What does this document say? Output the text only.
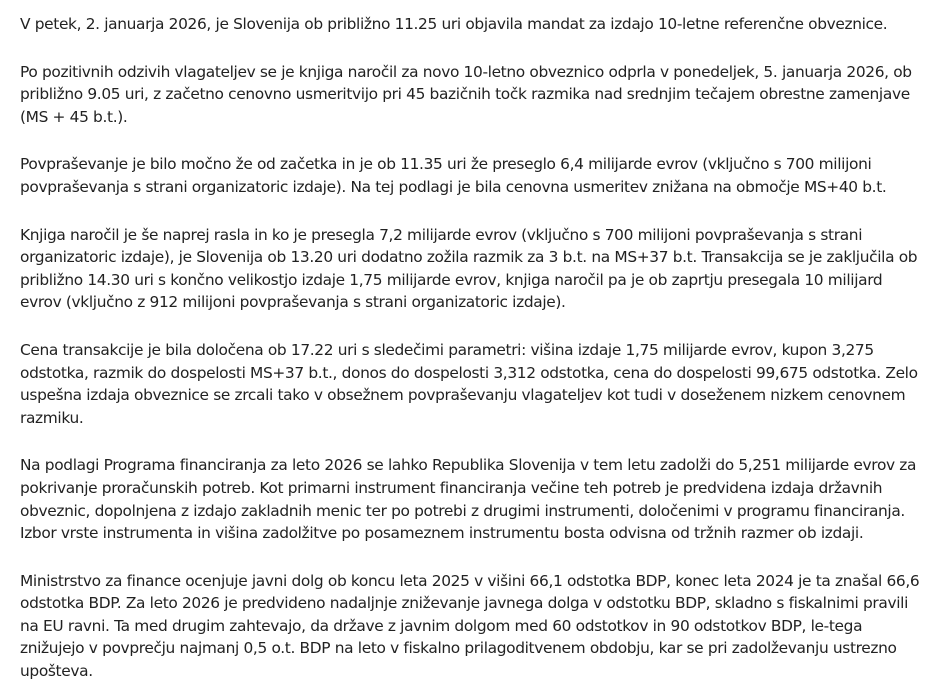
V petek, 2. januarja 2026, je Slovenija ob približno 11.25 uri objavila mandat za izdajo 10-letne referenčne obveznice.

Po pozitivnih odzivih vlagateljev se je knjiga naročil za novo 10-letno obveznico odprla v ponedeljek, 5. januarja 2026, ob približno 9.05 uri, z začetno cenovno usmeritvijo pri 45 bazičnih točk razmika nad srednjim tečajem obrestne zamenjave (MS + 45 b.t.).

Povpraševanje je bilo močno že od začetka in je ob 11.35 uri že preseglo 6,4 milijarde evrov (vključno s 700 milijoni povpraševanja s strani organizatoric izdaje). Na tej podlagi je bila cenovna usmeritev znižana na območje MS+40 b.t.

Knjiga naročil je še naprej rasla in ko je presegla 7,2 milijarde evrov (vključno s 700 milijoni povpraševanja s strani organizatoric izdaje), je Slovenija ob 13.20 uri dodatno zožila razmik za 3 b.t. na MS+37 b.t. Transakcija se je zaključila ob približno 14.30 uri s končno velikostjo izdaje 1,75 milijarde evrov, knjiga naročil pa je ob zaprtju presegala 10 milijard evrov (vključno z 912 milijoni povpraševanja s strani organizatoric izdaje).

Cena transakcije je bila določena ob 17.22 uri s sledečimi parametri: višina izdaje 1,75 milijarde evrov, kupon 3,275 odstotka, razmik do dospelosti MS+37 b.t., donos do dospelosti 3,312 odstotka, cena do dospelosti 99,675 odstotka. Zelo uspešna izdaja obveznice se zrcali tako v obsežnem povpraševanju vlagateljev kot tudi v doseženem nizkem cenovnem razmiku.

Na podlagi Programa financiranja za leto 2026 se lahko Republika Slovenija v tem letu zadolži do 5,251 milijarde evrov za pokrivanje proračunskih potreb. Kot primarni instrument financiranja večine teh potreb je predvidena izdaja državnih obveznic, dopolnjena z izdajo zakladnih menic ter po potrebi z drugimi instrumenti, določenimi v programu financiranja. Izbor vrste instrumenta in višina zadolžitve po posameznem instrumentu bosta odvisna od tržnih razmer ob izdaji.

Ministrstvo za finance ocenjuje javni dolg ob koncu leta 2025 v višini 66,1 odstotka BDP, konec leta 2024 je ta znašal 66,6 odstotka BDP. Za leto 2026 je predvideno nadaljnje zniževanje javnega dolga v odstotku BDP, skladno s fiskalnimi pravili na EU ravni. Ta med drugim zahtevajo, da države z javnim dolgom med 60 odstotkov in 90 odstotkov BDP, le-tega znižujejo v povprečju najmanj 0,5 o.t. BDP na leto v fiskalno prilagoditvenem obdobju, kar se pri zadolževanju ustrezno upošteva.
